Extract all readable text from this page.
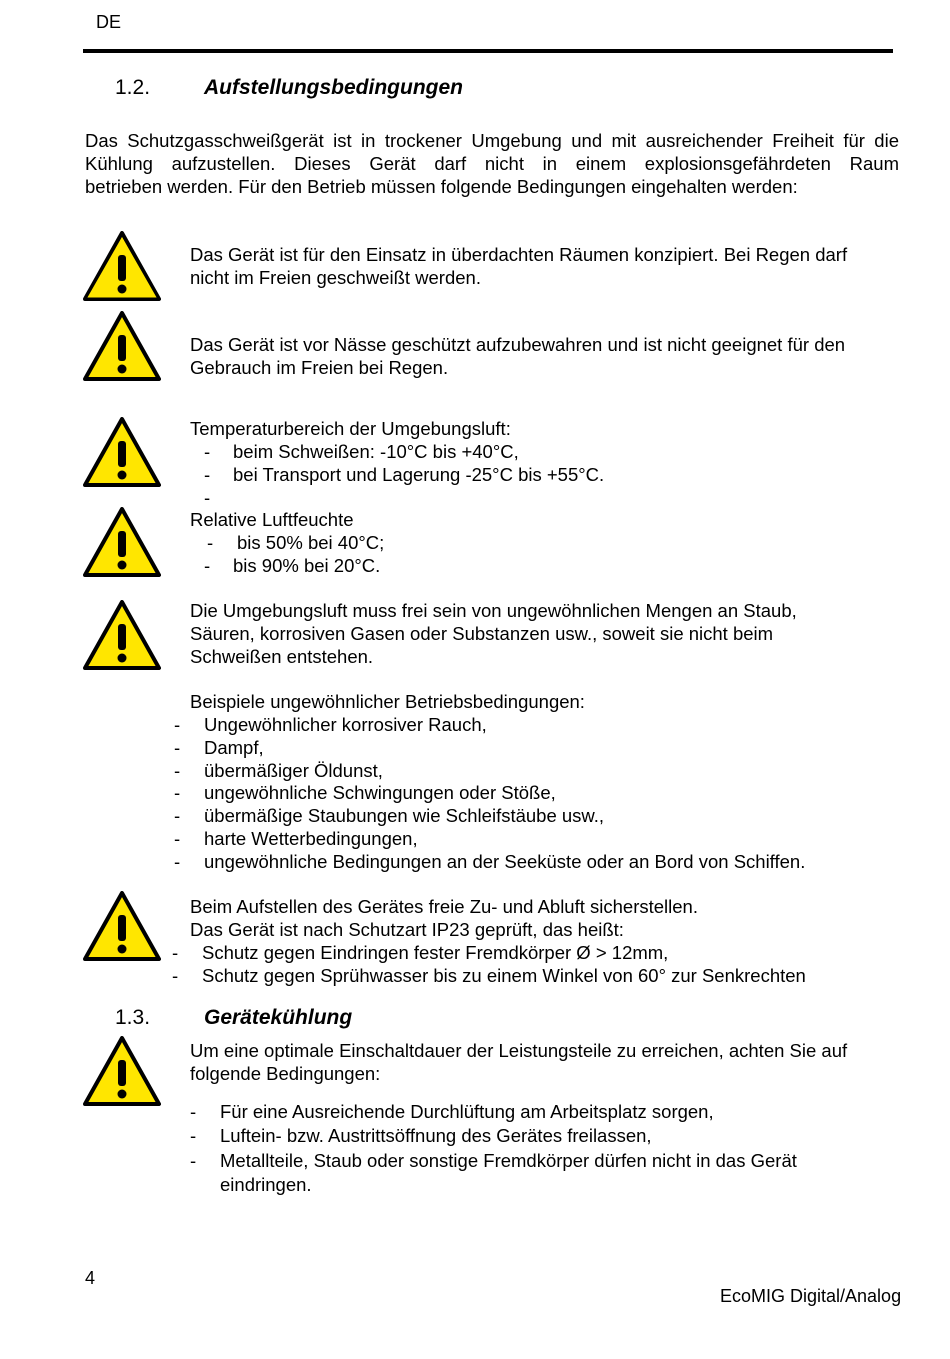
DE
1.2.	Aufstellungsbedingungen
Das Schutzgasschweißgerät ist in trockener Umgebung und mit ausreichender Freiheit für die
Kühlung aufzustellen. Dieses Gerät darf nicht in einem explosionsgefährdeten Raum
betrieben werden. Für den Betrieb müssen folgende Bedingungen eingehalten werden:
Das Gerät ist für den Einsatz in überdachten Räumen konzipiert. Bei Regen darf
nicht im Freien geschweißt werden.
Das Gerät ist vor Nässe geschützt aufzubewahren und ist nicht geeignet für den
Gebrauch im Freien bei Regen.
Temperaturbereich der Umgebungsluft:
- beim Schweißen: -10°C bis +40°C,
- bei Transport und Lagerung -25°C bis +55°C.
-
Relative Luftfeuchte
- bis 50% bei 40°C;
- bis 90% bei 20°C.
Die Umgebungsluft muss frei sein von ungewöhnlichen Mengen an Staub,
Säuren, korrosiven Gasen oder Substanzen usw., soweit sie nicht beim
Schweißen entstehen.
Beispiele ungewöhnlicher Betriebsbedingungen:
- Ungewöhnlicher korrosiver Rauch,
- Dampf,
- übermäßiger Öldunst,
- ungewöhnliche Schwingungen oder Stöße,
- übermäßige Staubungen wie Schleifstäube usw.,
- harte Wetterbedingungen,
- ungewöhnliche Bedingungen an der Seeküste oder an Bord von Schiffen.
Beim Aufstellen des Gerätes freie Zu- und Abluft sicherstellen.
Das Gerät ist nach Schutzart IP23 geprüft, das heißt:
- Schutz gegen Eindringen fester Fremdkörper Ø > 12mm,
- Schutz gegen Sprühwasser bis zu einem Winkel von 60° zur Senkrechten
1.3.	Gerätekühlung
Um eine optimale Einschaltdauer der Leistungsteile zu erreichen, achten Sie auf
folgende Bedingungen:
- Für eine Ausreichende Durchlüftung am Arbeitsplatz sorgen,
- Luftein- bzw. Austrittsöffnung des Gerätes freilassen,
- Metallteile, Staub oder sonstige Fremdkörper dürfen nicht in das Gerät
eindringen.
4
EcoMIG Digital/Analog
